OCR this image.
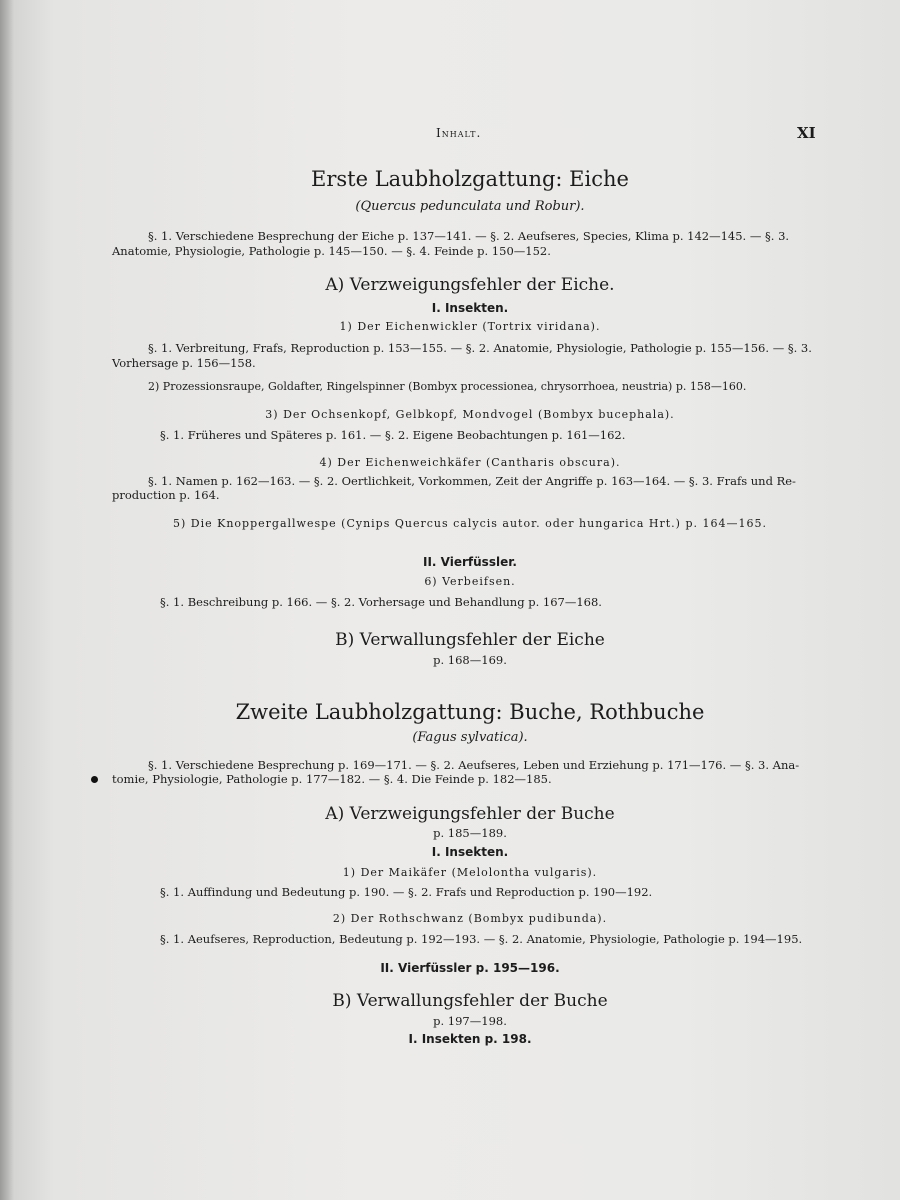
Inhalt.	XI
Erste Laubholzgattung: Eiche
(Quercus pedunculata und Robur).
§. 1. Verschiedene Besprechung der Eiche p. 137—141. — §. 2. Aeufseres, Species, Klima p. 142—145. — §. 3.
Anatomie, Physiologie, Pathologie p. 145—150. — §. 4. Feinde p. 150—152.
A) Verzweigungsfehler der Eiche.
I. Insekten.
1) Der Eichenwickler (Tortrix viridana).
§. 1. Verbreitung, Frafs, Reproduction p. 153—155. — §. 2. Anatomie, Physiologie, Pathologie p. 155—156. — §. 3.
Vorhersage p. 156—158.
2) Prozessionsraupe, Goldafter, Ringelspinner (Bombyx processionea, chrysorrhoea, neustria) p. 158—160.
3) Der Ochsenkopf, Gelbkopf, Mondvogel (Bombyx bucephala).
§. 1. Früheres und Späteres p. 161. — §. 2. Eigene Beobachtungen p. 161—162.
4) Der Eichenweichkäfer (Cantharis obscura).
§. 1. Namen p. 162—163. — §. 2. Oertlichkeit, Vorkommen, Zeit der Angriffe p. 163—164. — §. 3. Frafs und Re-
production p. 164.
5) Die Knoppergallwespe (Cynips Quercus calycis autor. oder hungarica Hrt.) p. 164—165.
II. Vierfüssler.
6) Verbeifsen.
§. 1. Beschreibung p. 166. — §. 2. Vorhersage und Behandlung p. 167—168.
B) Verwallungsfehler der Eiche
p. 168—169.
Zweite Laubholzgattung: Buche, Rothbuche
(Fagus sylvatica).
§. 1. Verschiedene Besprechung p. 169—171. — §. 2. Aeufseres, Leben und Erziehung p. 171—176. — §. 3. Ana-
tomie, Physiologie, Pathologie p. 177—182. — §. 4. Die Feinde p. 182—185.
A) Verzweigungsfehler der Buche
p. 185—189.
I. Insekten.
1) Der Maikäfer (Melolontha vulgaris).
§. 1. Auffindung und Bedeutung p. 190. — §. 2. Frafs und Reproduction p. 190—192.
2) Der Rothschwanz (Bombyx pudibunda).
§. 1. Aeufseres, Reproduction, Bedeutung p. 192—193. — §. 2. Anatomie, Physiologie, Pathologie p. 194—195.
II. Vierfüssler p. 195—196.
B) Verwallungsfehler der Buche
p. 197—198.
I. Insekten p. 198.
